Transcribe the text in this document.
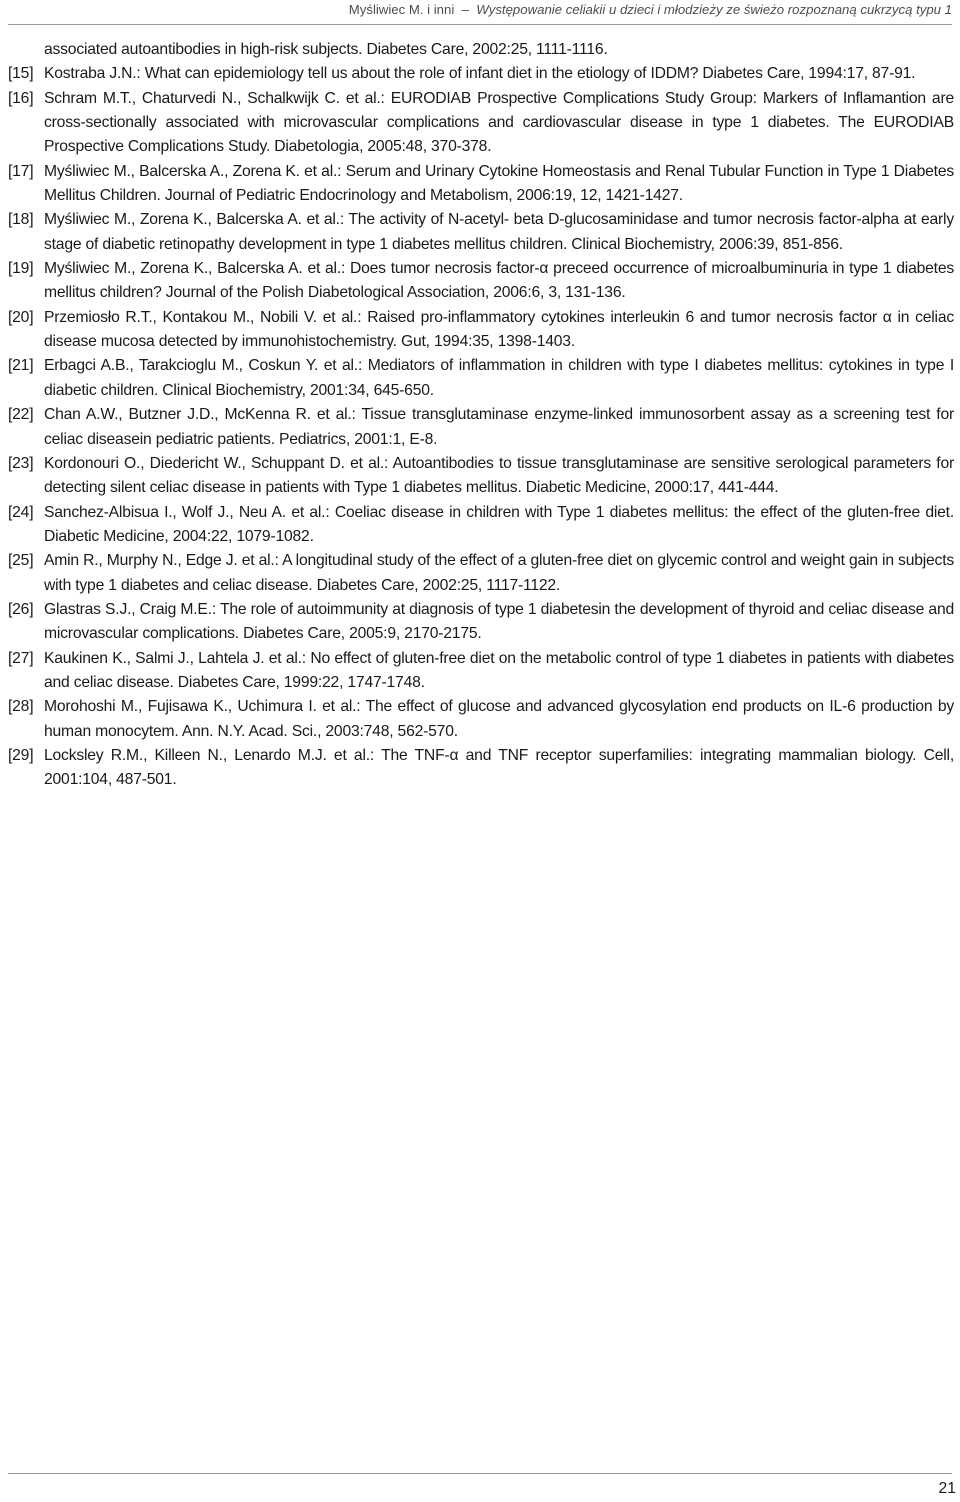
Myśliwiec M. i inni  –  Występowanie celiakii u dzieci i młodzieży ze świeżo rozpoznaną cukrzycą typu 1
associated autoantibodies in high-risk subjects. Diabetes Care, 2002:25, 1111-1116.
[15] Kostraba J.N.: What can epidemiology tell us about the role of infant diet in the etiology of IDDM? Diabetes Care, 1994:17, 87-91.
[16] Schram M.T., Chaturvedi N., Schalkwijk C. et al.: EURODIAB Prospective Complications Study Group: Markers of Inflamantion are cross-sectionally associated with microvascular complications and cardiovascular disease in type 1 diabetes. The EURODIAB Prospective Complications Study. Diabetologia, 2005:48, 370-378.
[17] Myśliwiec M., Balcerska A., Zorena K. et al.: Serum and Urinary Cytokine Homeostasis and Renal Tubular Function in Type 1 Diabetes Mellitus Children. Journal of Pediatric Endocrinology and Metabolism, 2006:19, 12, 1421-1427.
[18] Myśliwiec M., Zorena K., Balcerska A. et al.: The activity of N-acetyl- beta D-glucosaminidase and tumor necrosis factor-alpha at early stage of diabetic retinopathy development in type 1 diabetes mellitus children. Clinical Biochemistry, 2006:39, 851-856.
[19] Myśliwiec M., Zorena K., Balcerska A. et al.: Does tumor necrosis factor-α preceed occurrence of microalbuminuria in type 1 diabetes mellitus children? Journal of the Polish Diabetological Association, 2006:6, 3, 131-136.
[20] Przemiosło R.T., Kontakou M., Nobili V. et al.: Raised pro-inflammatory cytokines interleukin 6 and tumor necrosis factor α in celiac disease mucosa detected by immunohistochemistry. Gut, 1994:35, 1398-1403.
[21] Erbagci A.B., Tarakcioglu M., Coskun Y. et al.: Mediators of inflammation in children with type I diabetes mellitus: cytokines in type I diabetic children. Clinical Biochemistry, 2001:34, 645-650.
[22] Chan A.W., Butzner J.D., McKenna R. et al.: Tissue transglutaminase enzyme-linked immunosorbent assay as a screening test for celiac diseasein pediatric patients. Pediatrics, 2001:1, E-8.
[23] Kordonouri O., Diedericht W., Schuppant D. et al.: Autoantibodies to tissue transglutaminase are sensitive serological parameters for detecting silent celiac disease in patients with Type 1 diabetes mellitus. Diabetic Medicine, 2000:17, 441-444.
[24] Sanchez-Albisua I., Wolf J., Neu A. et al.: Coeliac disease in children with Type 1 diabetes mellitus: the effect of the gluten-free diet. Diabetic Medicine, 2004:22, 1079-1082.
[25] Amin R., Murphy N., Edge J. et al.: A longitudinal study of the effect of a gluten-free diet on glycemic control and weight gain in subjects with type 1 diabetes and celiac disease. Diabetes Care, 2002:25, 1117-1122.
[26] Glastras S.J., Craig M.E.: The role of autoimmunity at diagnosis of type 1 diabetesin the development of thyroid and celiac disease and microvascular complications. Diabetes Care, 2005:9, 2170-2175.
[27] Kaukinen K., Salmi J., Lahtela J. et al.: No effect of gluten-free diet on the metabolic control of type 1 diabetes in patients with diabetes and celiac disease. Diabetes Care, 1999:22, 1747-1748.
[28] Morohoshi M., Fujisawa K., Uchimura I. et al.: The effect of glucose and advanced glycosylation end products on IL-6 production by human monocytem. Ann. N.Y. Acad. Sci., 2003:748, 562-570.
[29] Locksley R.M., Killeen N., Lenardo M.J. et al.: The TNF-α and TNF receptor superfamilies: integrating mammalian biology. Cell, 2001:104, 487-501.
21
